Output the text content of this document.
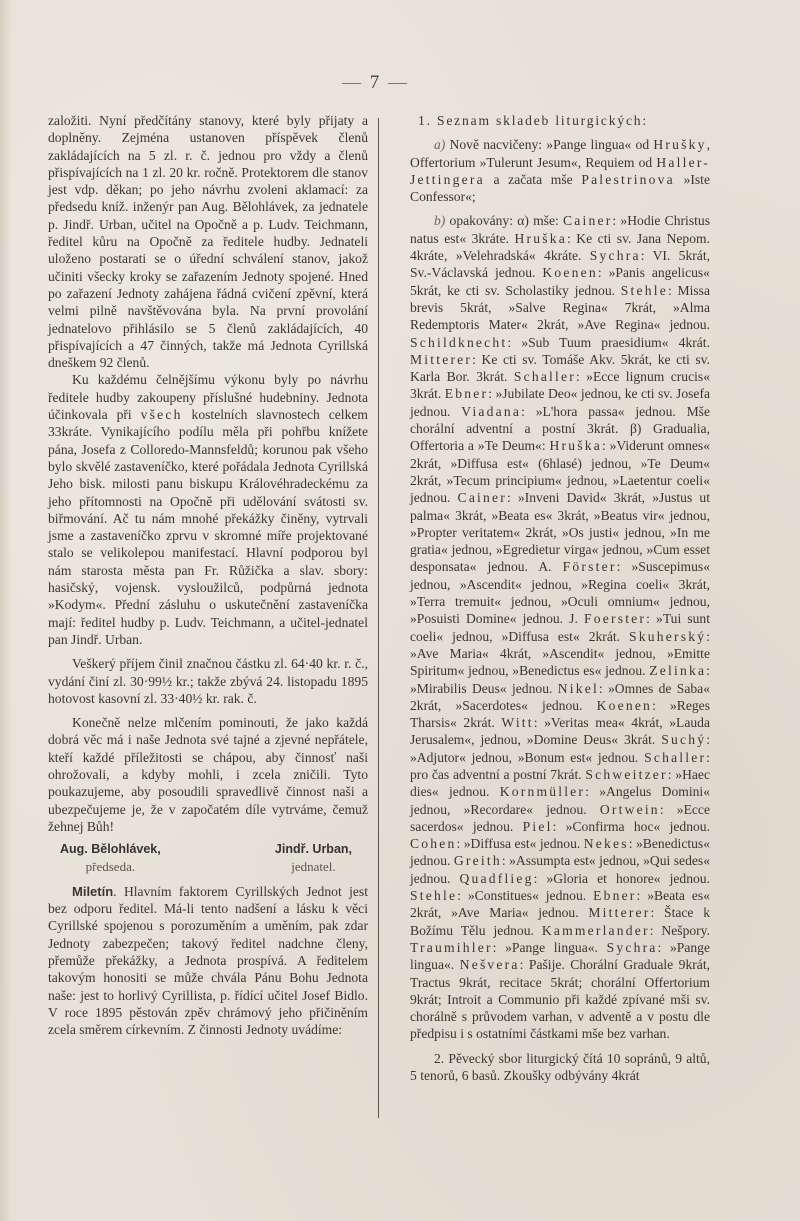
— 7 —

založiti. Nyní předčítány stanovy, které byly přijaty a doplněny. Zejména ustanoven příspěvek členů zakládajících na 5 zl. r. č. jednou pro vždy a členů přispívajících na 1 zl. 20 kr. ročně. Protektorem dle stanov jest vdp. děkan; po jeho návrhu zvoleni aklamací: za předsedu kníž. inženýr pan Aug. Bělohlávek, za jednatele p. Jindř. Urban, učitel na Opočně a p. Ludv. Teichmann, ředitel kůru na Opočně za ředitele hudby. Jednateli uloženo postarati se o úřední schválení stanov, jakož učiniti všecky kroky se zařazením Jednoty spojené. Hned po zařazení Jednoty zahájena řádná cvičení zpěvní, která velmi pilně navštěvována byla. Na první provolání jednatelovo přihlásilo se 5 členů zakládajících, 40 přispívajících a 47 činných, takže má Jednota Cyrillská dneškem 92 členů.

Ku každému čelnějšímu výkonu byly po návrhu ředitele hudby zakoupeny příslušné hudebniny. Jednota účinkovala při všech kostelních slavnostech celkem 33kráte. Vynikajícího podílu měla při pohřbu knížete pána, Josefa z Colloredo-Mannsfeldů; korunou pak všeho bylo skvělé zastaveníčko, které pořádala Jednota Cyrillská Jeho bisk. milosti panu biskupu Královéhradeckému za jeho přítomnosti na Opočně při udělování svátosti sv. biřmování. Ač tu nám mnohé překážky činěny, vytrvali jsme a zastaveníčko zprvu v skromné míře projektované stalo se velikolepou manifestací. Hlavní podporou byl nám starosta města pan Fr. Růžička a slav. sbory: hasičský, vojensk. vysloužilců, podpůrná jednota »Kodym«. Přední zásluhu o uskutečnění zastaveníčka mají: ředitel hudby p. Ludv. Teichmann, a učitel-jednatel pan Jindř. Urban.

Veškerý příjem činil značnou částku zl. 64·40 kr. r. č., vydání činí zl. 30·99½ kr.; takže zbývá 24. listopadu 1895 hotovost kasovní zl. 33·40½ kr. rak. č.

Konečně nelze mlčením pominouti, že jako každá dobrá věc má i naše Jednota své tajné a zjevné nepřátele, kteří každé příležitosti se chápou, aby činnosť naši ohrožovali, a kdyby mohli, i zcela zničili. Tyto poukazujeme, aby posoudili spravedlivě činnost naši a ubezpečujeme je, že v započatém díle vytrváme, čemuž žehnej Bůh!

Aug. Bělohlávek,
předseda.
Jindř. Urban,
jednatel.

Miletín. Hlavním faktorem Cyrillských Jednot jest bez odporu ředitel. Má-li tento nadšení a lásku k věci Cyrillské spojenou s porozuměním a uměním, pak zdar Jednoty zabezpečen; takový ředitel nadchne členy, přemůže překážky, a Jednota prospívá. A ředitelem takovým honositi se může chvála Pánu Bohu Jednota naše: jest to horlivý Cyrillista, p. řídící učitel Josef Bidlo. V roce 1895 pěstován zpěv chrámový jeho přičiněním zcela směrem církevním. Z činnosti Jednoty uvádíme:

1. Seznam skladeb liturgických:

a) Nově nacvičeny: »Pange lingua« od Hrušky, Offertorium »Tulerunt Jesum«, Requiem od Haller-Jettingera a začata mše Palestrinova »Iste Confessor«;

b) opakovány: α) mše: Cainer: »Hodie Christus natus est« 3kráte. Hruška: Ke cti sv. Jana Nepom. 4kráte, »Velehradská« 4kráte. Sychra: VI. 5krát, Sv.-Václavská jednou. Koenen: »Panis angelicus« 5krát, ke cti sv. Scholastiky jednou. Stehle: Missa brevis 5krát, »Salve Regina« 7krát, »Alma Redemptoris Mater« 2krát, »Ave Regina« jednou. Schildknecht: »Sub Tuum praesidium« 4krát. Mitterer: Ke cti sv. Tomáše Akv. 5krát, ke cti sv. Karla Bor. 3krát. Schaller: »Ecce lignum crucis« 3krát. Ebner: »Jubilate Deo« jednou, ke cti sv. Josefa jednou. Viadana: »L'hora passa« jednou. Mše chorální adventní a postní 3krát. β) Gradualia, Offertoria a »Te Deum«: Hruška: »Viderunt omnes« 2krát, »Diffusa est« (6hlasé) jednou, »Te Deum« 2krát, »Tecum principium« jednou, »Laetentur coeli« jednou. Cainer: »Inveni David« 3krát, »Justus ut palma« 3krát, »Beata es« 3krát, »Beatus vir« jednou, »Propter veritatem« 2krát, »Os justi« jednou, »In me gratia« jednou, »Egredietur virga« jednou, »Cum esset desponsata« jednou. A. Förster: »Suscepimus« jednou, »Ascendit« jednou, »Regina coeli« 3krát, »Terra tremuit« jednou, »Oculi omnium« jednou, »Posuisti Domine« jednou. J. Foerster: »Tui sunt coeli« jednou, »Diffusa est« 2krát. Skuherský: »Ave Maria« 4krát, »Ascendit« jednou, »Emitte Spiritum« jednou, »Benedictus es« jednou. Zelinka: »Mirabilis Deus« jednou. Nikel: »Omnes de Saba« 2krát, »Sacerdotes« jednou. Koenen: »Reges Tharsis« 2krát. Witt: »Veritas mea« 4krát, »Lauda Jerusalem«, jednou, »Domine Deus« 3krát. Suchý: »Adjutor« jednou, »Bonum est« jednou. Schaller: pro čas adventní a postní 7krát. Schweitzer: »Haec dies« jednou. Kornmüller: »Angelus Domini« jednou, »Recordare« jednou. Ortwein: »Ecce sacerdos« jednou. Piel: »Confirma hoc« jednou. Cohen: »Diffusa est« jednou. Nekes: »Benedictus« jednou. Greith: »Assumpta est« jednou, »Qui sedes« jednou. Quadflieg: »Gloria et honore« jednou. Stehle: »Constitues« jednou. Ebner: »Beata es« 2krát, »Ave Maria« jednou. Mitterer: Štace k Božímu Tělu jednou. Kammerlander: Nešpory. Traumihler: »Pange lingua«. Sychra: »Pange lingua«. Nešvera: Pašije. Chorální Graduale 9krát, Tractus 9krát, recitace 5krát; chorální Offertorium 9krát; Introit a Communio při každé zpívané mši sv. chorálně s průvodem varhan, v adventě a v postu dle předpisu i s ostatními částkami mše bez varhan.

2. Pěvecký sbor liturgický čítá 10 sopránů, 9 altů, 5 tenorů, 6 basů. Zkoušky odbývány 4krát
